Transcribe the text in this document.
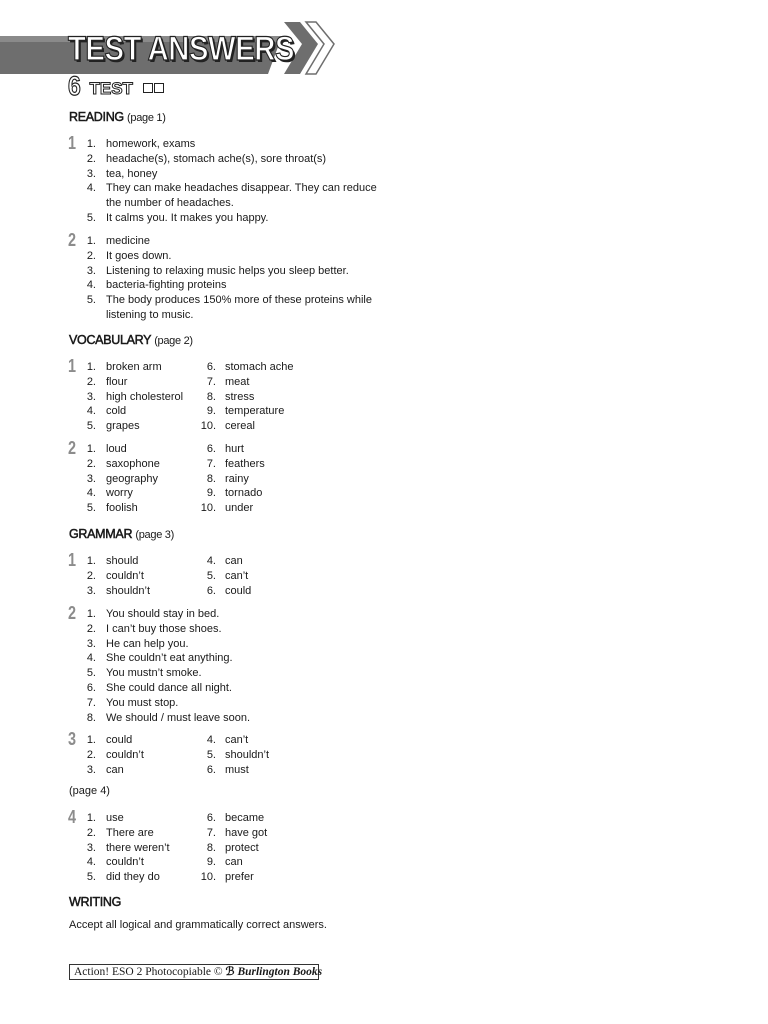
TEST ANSWERS
6 TEST
READING (page 1)
1 1. homework, exams
2. headache(s), stomach ache(s), sore throat(s)
3. tea, honey
4. They can make headaches disappear. They can reduce
the number of headaches.
5. It calms you. It makes you happy.
2 1. medicine
2. It goes down.
3. Listening to relaxing music helps you sleep better.
4. bacteria-fighting proteins
5. The body produces 150% more of these proteins while
listening to music.
VOCABULARY (page 2)
1 1. broken arm
2. flour
3. high cholesterol
4. cold
5. grapes
6. stomach ache
7. meat
8. stress
9. temperature
10. cereal
2 1. loud
2. saxophone
3. geography
4. worry
5. foolish
6. hurt
7. feathers
8. rainy
9. tornado
10. under
GRAMMAR (page 3)
1 1. should
2. couldn’t
3. shouldn’t
4. can
5. can’t
6. could
2 1. You should stay in bed.
2. I can’t buy those shoes.
3. He can help you.
4. She couldn’t eat anything.
5. You mustn’t smoke.
6. She could dance all night.
7. You must stop.
8. We should / must leave soon.
3 1. could
2. couldn’t
3. can
4. can’t
5. shouldn’t
6. must
(page 4)
4 1. use
2. There are
3. there weren’t
4. couldn’t
5. did they do
6. became
7. have got
8. protect
9. can
10. prefer
WRITING
Accept all logical and grammatically correct answers.
Action! ESO 2 Photocopiable © ℬ Burlington Books
